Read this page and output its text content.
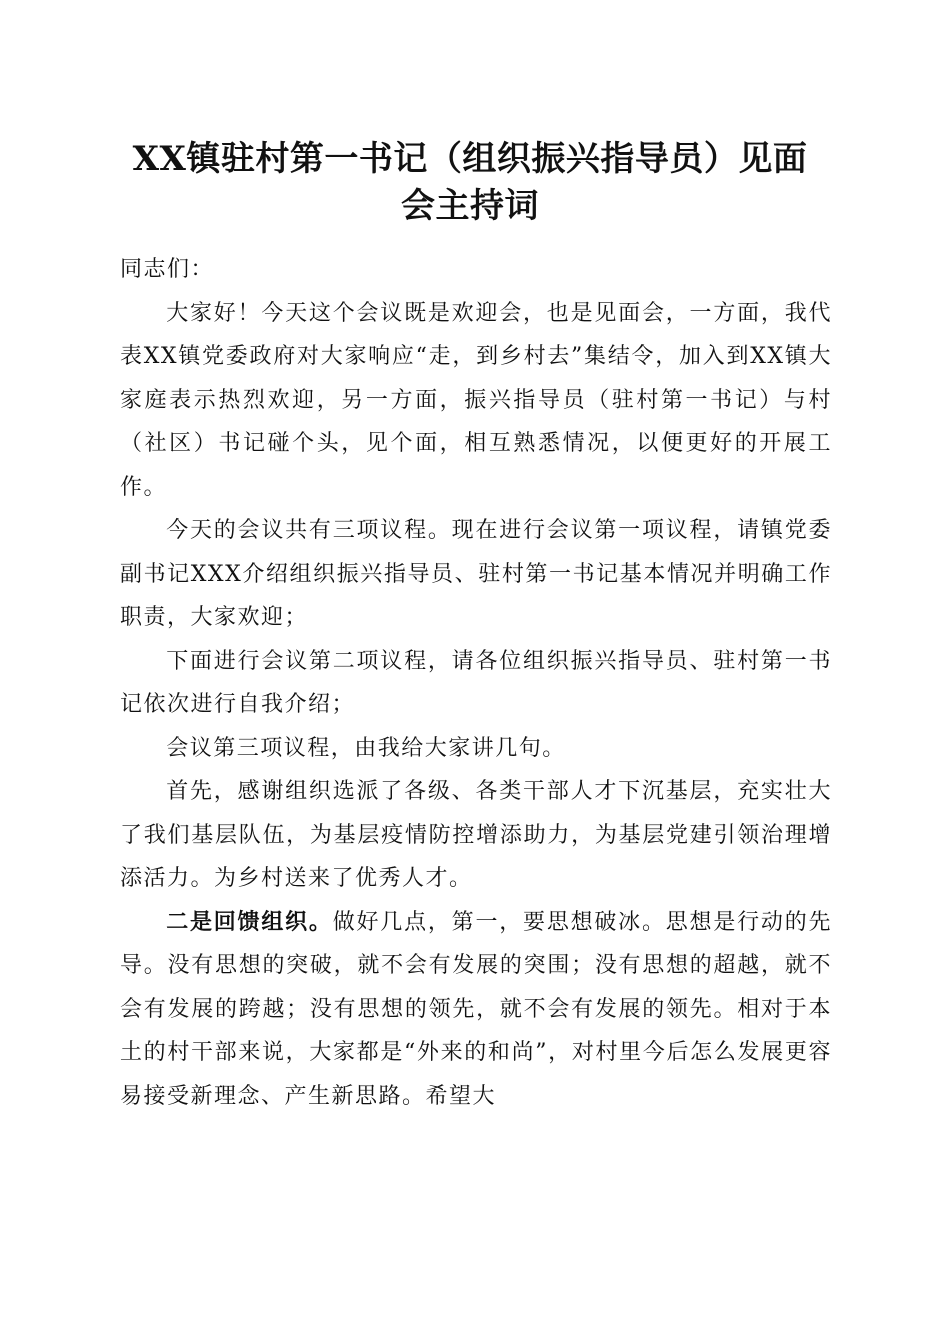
XX镇驻村第一书记（组织振兴指导员）见面
会主持词

同志们：

大家好！今天这个会议既是欢迎会，也是见面会，一方面，我代表XX镇党委政府对大家响应“走，到乡村去”集结令，加入到XX镇大家庭表示热烈欢迎，另一方面，振兴指导员（驻村第一书记）与村（社区）书记碰个头，见个面，相互熟悉情况，以便更好的开展工作。

今天的会议共有三项议程。现在进行会议第一项议程，请镇党委副书记XXX介绍组织振兴指导员、驻村第一书记基本情况并明确工作职责，大家欢迎；

下面进行会议第二项议程，请各位组织振兴指导员、驻村第一书记依次进行自我介绍；

会议第三项议程，由我给大家讲几句。

首先，感谢组织选派了各级、各类干部人才下沉基层，充实壮大了我们基层队伍，为基层疫情防控增添助力，为基层党建引领治理增添活力。为乡村送来了优秀人才。

二是回馈组织。做好几点，第一，要思想破冰。思想是行动的先导。没有思想的突破，就不会有发展的突围；没有思想的超越，就不会有发展的跨越；没有思想的领先，就不会有发展的领先。相对于本土的村干部来说，大家都是“外来的和尚”，对村里今后怎么发展更容易接受新理念、产生新思路。希望大
